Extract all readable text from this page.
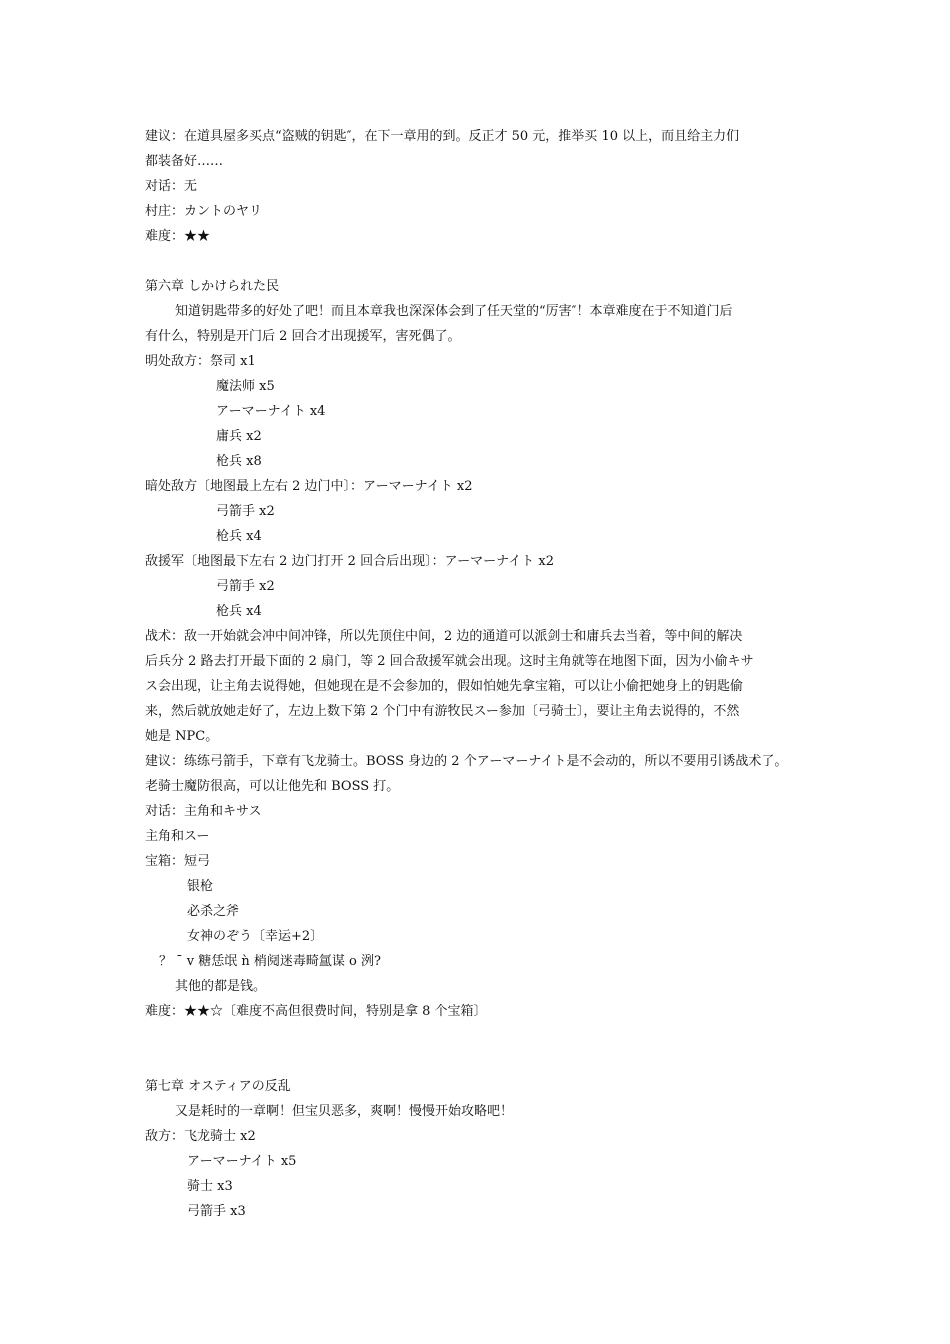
建议：在道具屋多买点“盗贼的钥匙″，在下一章用的到。反正才 50 元，推举买 10 以上，而且给主力们
都装备好……
对话：无
村庄：カントのヤリ
难度：★★
第六章 しかけられた民
知道钥匙带多的好处了吧！而且本章我也深深体会到了任天堂的“厉害″！本章难度在于不知道门后
有什么，特别是开门后 2 回合才出现援军，害死偶了。
明处敌方：祭司 x1
魔法师 x5
アーマーナイト x4
庸兵 x2
枪兵 x8
暗处敌方〔地图最上左右 2 边门中〕：アーマーナイト x2
弓箭手 x2
枪兵 x4
敌援军〔地图最下左右 2 边门打开 2 回合后出现〕：アーマーナイト x2
弓箭手 x2
枪兵 x4
战术：敌一开始就会冲中间冲锋，所以先顶住中间，2 边的通道可以派剑士和庸兵去当着，等中间的解决
后兵分 2 路去打开最下面的 2 扇门，等 2 回合敌援军就会出现。这时主角就等在地图下面，因为小偷キサ
ス会出现，让主角去说得她，但她现在是不会参加的，假如怕她先拿宝箱，可以让小偷把她身上的钥匙偷
来，然后就放她走好了，左边上数下第 2 个门中有游牧民スー参加〔弓骑士〕，要让主角去说得的，不然
她是 NPC。
建议：练练弓箭手，下章有飞龙骑士。BOSS 身边的 2 个アーマーナイト是不会动的，所以不要用引诱战术了。
老骑士魔防很高，可以让他先和 BOSS 打。
对话：主角和キサス
主角和スー
宝箱：短弓
银枪
必杀之斧
女神のぞう〔幸运+2〕
？ ¯ v 糖恁氓 ǹ 梢阋迷毒畸氲谋 o 洌?
其他的都是钱。
难度：★★☆〔难度不高但很费时间，特别是拿 8 个宝箱〕
第七章 オスティアの反乱
又是耗时的一章啊！但宝贝恶多，爽啊！慢慢开始攻略吧！
敌方：飞龙骑士 x2
アーマーナイト x5
骑士 x3
弓箭手 x3
